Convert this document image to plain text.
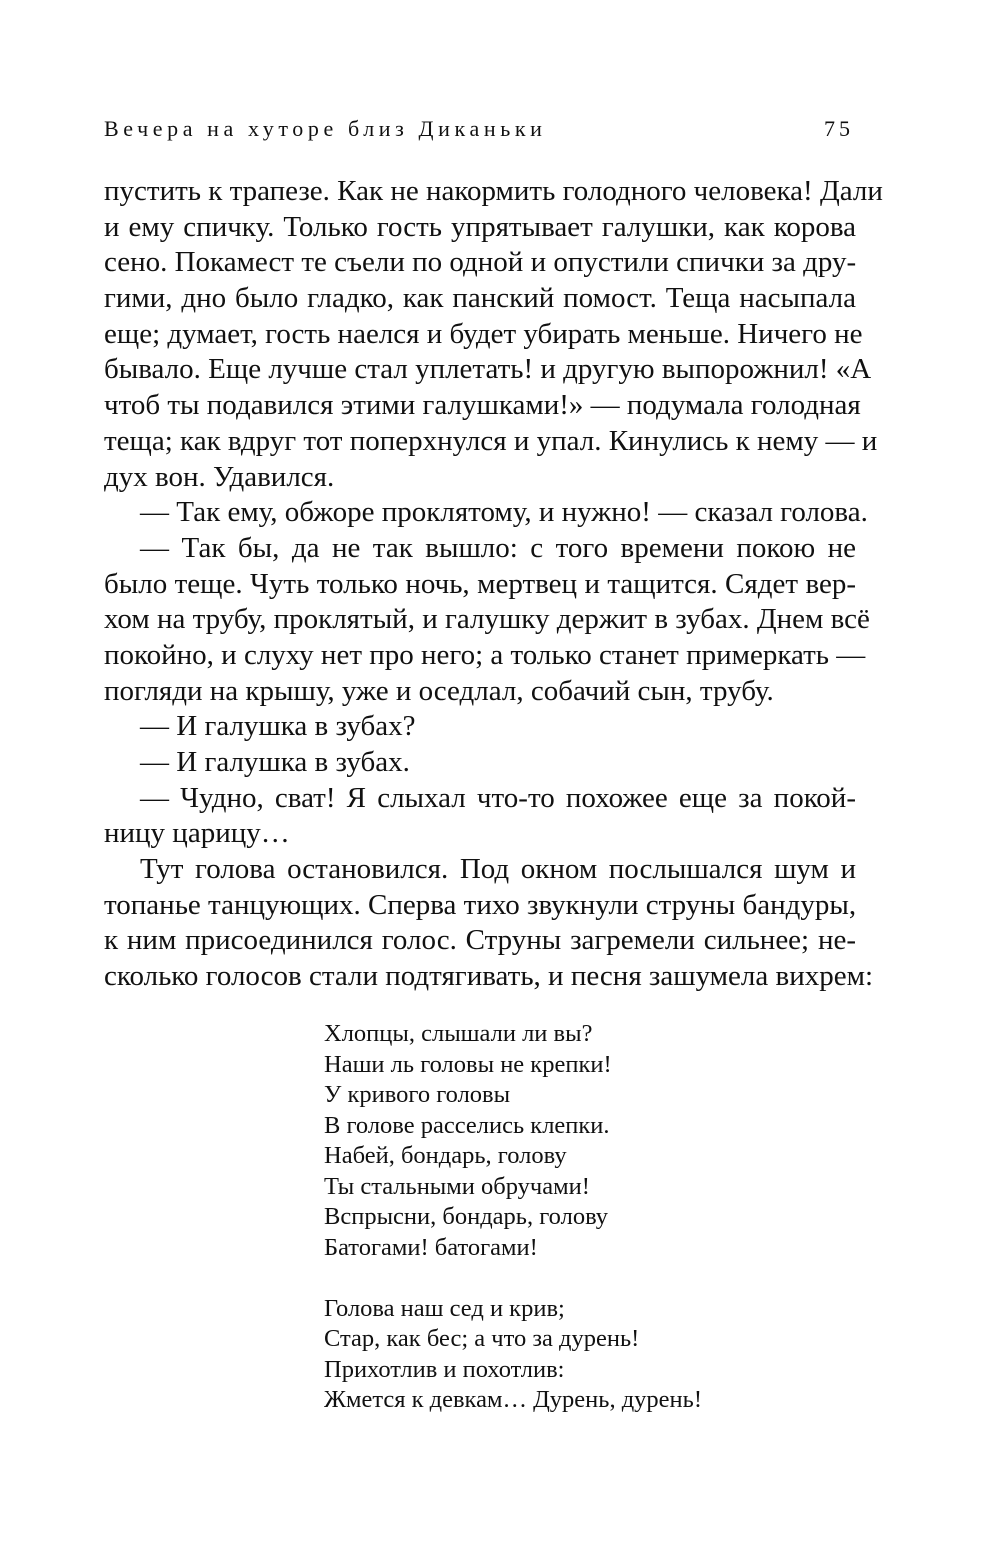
Вечера на хуторе близ Диканьки	75
пустить к трапезе. Как не накормить голодного человека! Дали
и ему спичку. Только гость упрятывает галушки, как корова
сено. Покамест те съели по одной и опустили спички за дру-
гими, дно было гладко, как панский помост. Теща насыпала
еще; думает, гость наелся и будет убирать меньше. Ничего не
бывало. Еще лучше стал уплетать! и другую выпорожнил! «А
чтоб ты подавился этими галушками!» — подумала голодная
теща; как вдруг тот поперхнулся и упал. Кинулись к нему — и
дух вон. Удавился.
— Так ему, обжоре проклятому, и нужно! — сказал голова.
— Так бы, да не так вышло: с того времени покою не
было теще. Чуть только ночь, мертвец и тащится. Сядет вер-
хом на трубу, проклятый, и галушку держит в зубах. Днем всё
покойно, и слуху нет про него; а только станет примеркать —
погляди на крышу, уже и оседлал, собачий сын, трубу.
— И галушка в зубах?
— И галушка в зубах.
— Чудно, сват! Я слыхал что-то похожее еще за покой-
ницу царицу…
Тут голова остановился. Под окном послышался шум и
топанье танцующих. Сперва тихо звукнули струны бандуры,
к ним присоединился голос. Струны загремели сильнее; не-
сколько голосов стали подтягивать, и песня зашумела вихрем:
Хлопцы, слышали ли вы?
Наши ль головы не крепки!
У кривого головы
В голове расселись клепки.
Набей, бондарь, голову
Ты стальными обручами!
Вспрысни, бондарь, голову
Батогами! батогами!
Голова наш сед и крив;
Стар, как бес; а что за дурень!
Прихотлив и похотлив:
Жмется к девкам… Дурень, дурень!
